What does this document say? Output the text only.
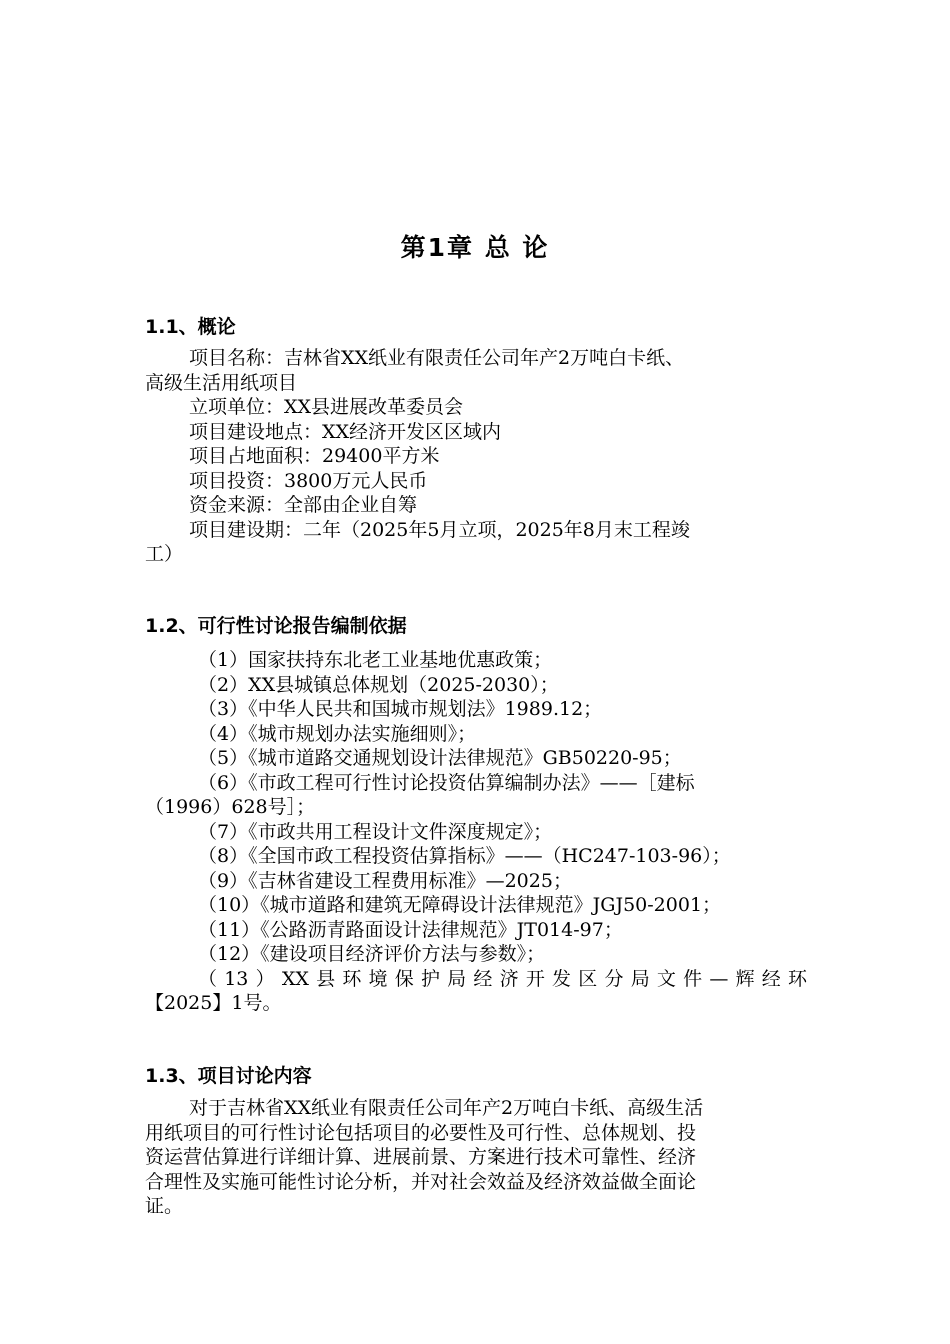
第1章 总 论
1.1、概论
项目名称：吉林省XX纸业有限责任公司年产2万吨白卡纸、
高级生活用纸项目
立项单位：XX县进展改革委员会
项目建设地点：XX经济开发区区域内
项目占地面积：29400平方米
项目投资：3800万元人民币
资金来源：全部由企业自筹
项目建设期：二年（2025年5月立项，2025年8月末工程竣
工）
1.2、可行性讨论报告编制依据
（1）国家扶持东北老工业基地优惠政策；
（2）XX县城镇总体规划（2025-2030）；
（3）《中华人民共和国城市规划法》1989.12；
（4）《城市规划办法实施细则》；
（5）《城市道路交通规划设计法律规范》GB50220-95；
（6）《市政工程可行性讨论投资估算编制办法》——［建标
（1996）628号］；
（7）《市政共用工程设计文件深度规定》；
（8）《全国市政工程投资估算指标》——（HC247-103-96）；
（9）《吉林省建设工程费用标准》—2025；
（10）《城市道路和建筑无障碍设计法律规范》JGJ50-2001；
（11）《公路沥青路面设计法律规范》JT014-97；
（12）《建设项目经济评价方法与参数》；
（13）XX县环境保护局经济开发区分局文件—辉经环
【2025】1号。
1.3、项目讨论内容
对于吉林省XX纸业有限责任公司年产2万吨白卡纸、高级生活
用纸项目的可行性讨论包括项目的必要性及可行性、总体规划、投
资运营估算进行详细计算、进展前景、方案进行技术可靠性、经济
合理性及实施可能性讨论分析，并对社会效益及经济效益做全面论
证。
